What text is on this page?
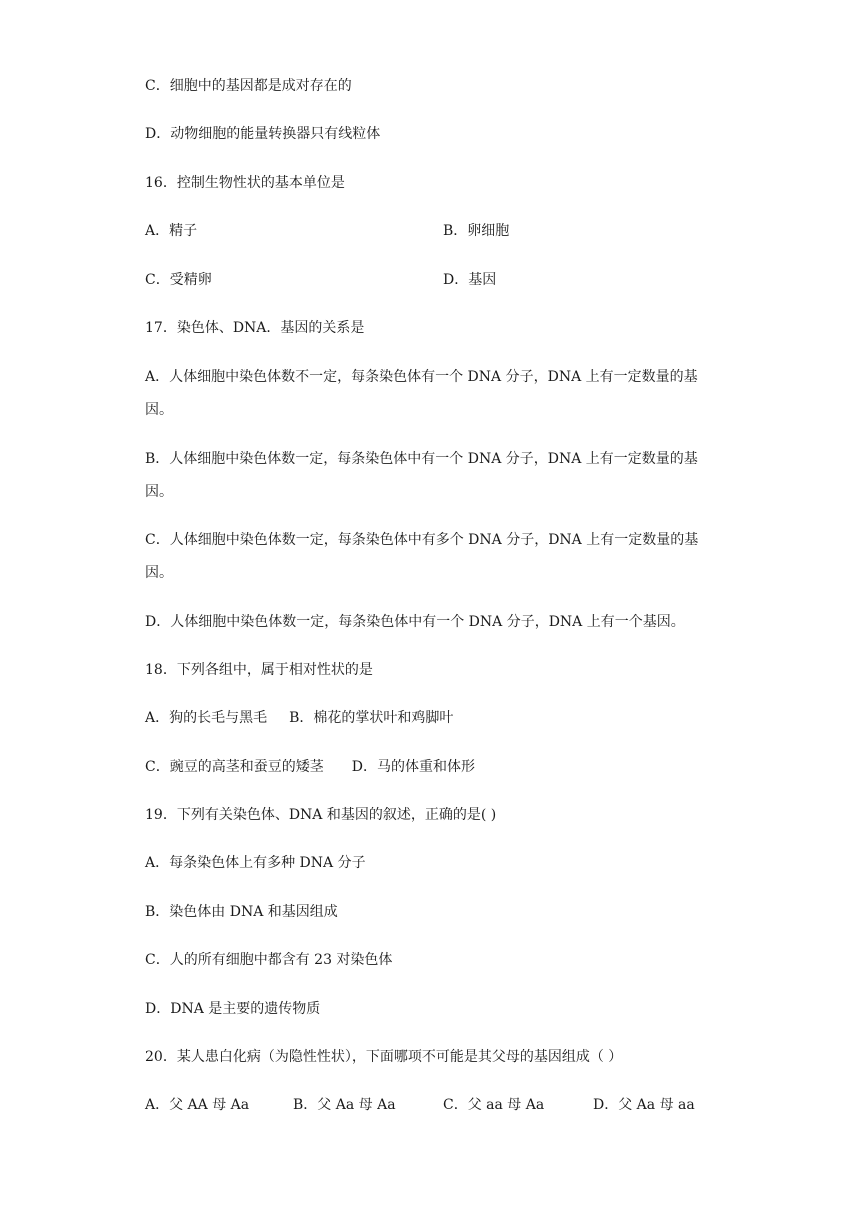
C．细胞中的基因都是成对存在的

D．动物细胞的能量转换器只有线粒体

16．控制生物性状的基本单位是

A．精子	B．卵细胞

C．受精卵	D．基因

17．染色体、DNA．基因的关系是

A．人体细胞中染色体数不一定，每条染色体有一个 DNA 分子，DNA 上有一定数量的基

因。

B．人体细胞中染色体数一定，每条染色体中有一个 DNA 分子，DNA 上有一定数量的基

因。

C．人体细胞中染色体数一定，每条染色体中有多个 DNA 分子，DNA 上有一定数量的基

因。

D．人体细胞中染色体数一定，每条染色体中有一个 DNA 分子，DNA 上有一个基因。

18．下列各组中，属于相对性状的是

A．狗的长毛与黑毛 B．棉花的掌状叶和鸡脚叶

C．豌豆的高茎和蚕豆的矮茎 D．马的体重和体形

19．下列有关染色体、DNA 和基因的叙述，正确的是( )

A．每条染色体上有多种 DNA 分子

B．染色体由 DNA 和基因组成

C．人的所有细胞中都含有 23 对染色体

D．DNA 是主要的遗传物质

20．某人患白化病（为隐性性状），下面哪项不可能是其父母的基因组成（ ）

A．父 AA 母 Aa	B．父 Aa 母 Aa	C．父 aa 母 Aa	D．父 Aa 母 aa
